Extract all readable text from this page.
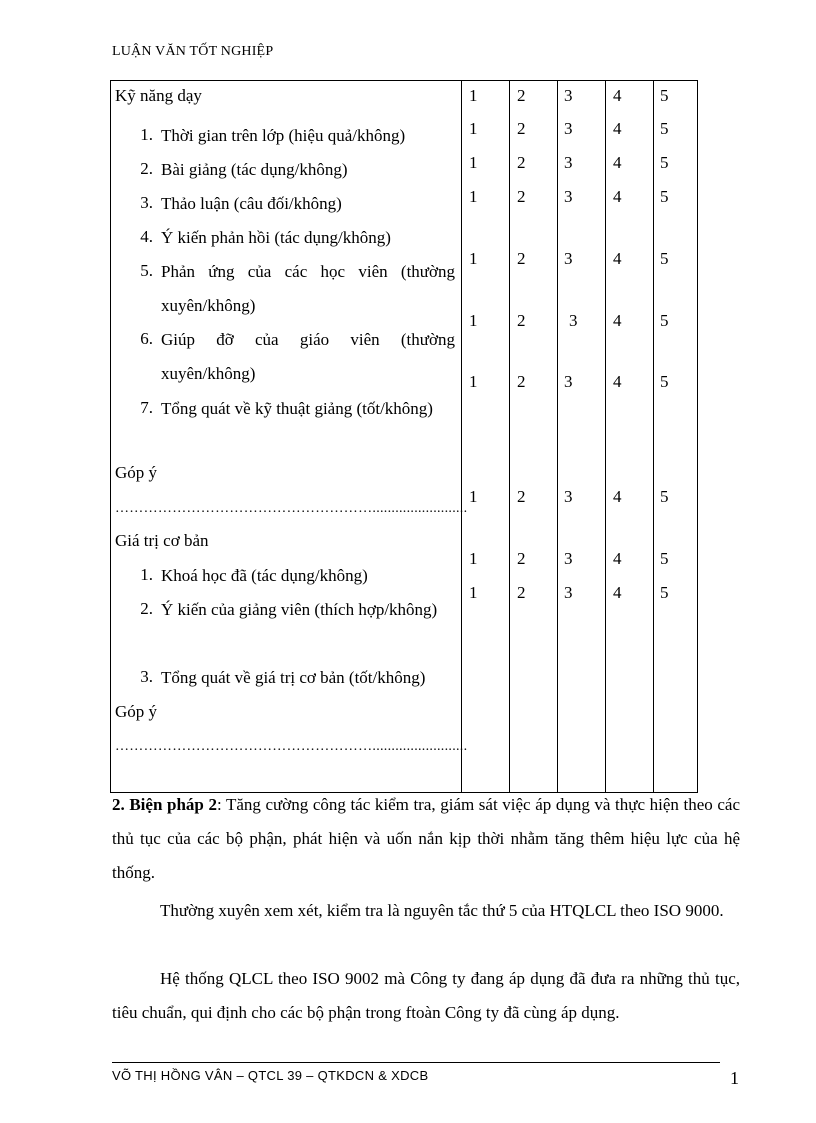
LUẬN VĂN TỐT NGHIỆP
Kỹ năng dạy
1. Thời gian trên lớp (hiệu quả/không)
2. Bài giảng (tác dụng/không)
3. Thảo luận (câu đối/không)
4. Ý kiến phản hồi (tác dụng/không)
5. Phản ứng của các học viên (thường xuyên/không)
6. Giúp đỡ của giáo viên (thường xuyên/không)
7. Tổng quát về kỹ thuật giảng (tốt/không)
Góp ý
……………………………………………….........................
Giá trị cơ bản
1. Khoá học đã (tác dụng/không)
2. Ý kiến của giảng viên (thích hợp/không)
3. Tổng quát về giá trị cơ bản (tốt/không)
Góp ý
……………………………………………….........................
1 2 3 4 5
1 2 3 4 5
1 2 3 4 5
1 2 3 4 5
1 2 3 4 5
1 2	3 4 5
1 2 3 4 5
1 2 3 4 5
1 2 3 4 5
1 2 3 4 5
2. Biện pháp 2: Tăng cường công tác kiểm tra, giám sát việc áp dụng và thực hiện theo các thủ tục của các bộ phận, phát hiện và uốn nắn kịp thời nhằm tăng thêm hiệu lực của hệ thống.
Thường xuyên xem xét, kiểm tra là nguyên tắc thứ 5 của HTQLCL theo ISO 9000.
Hệ thống QLCL theo ISO 9002 mà Công ty đang áp dụng đã đưa ra những thủ tục, tiêu chuẩn, qui định cho các bộ phận trong ftoàn Công ty đã cùng áp dụng.
VÕ THỊ HỒNG VÂN – QTCL 39 – QTKDCN & XDCB	1
